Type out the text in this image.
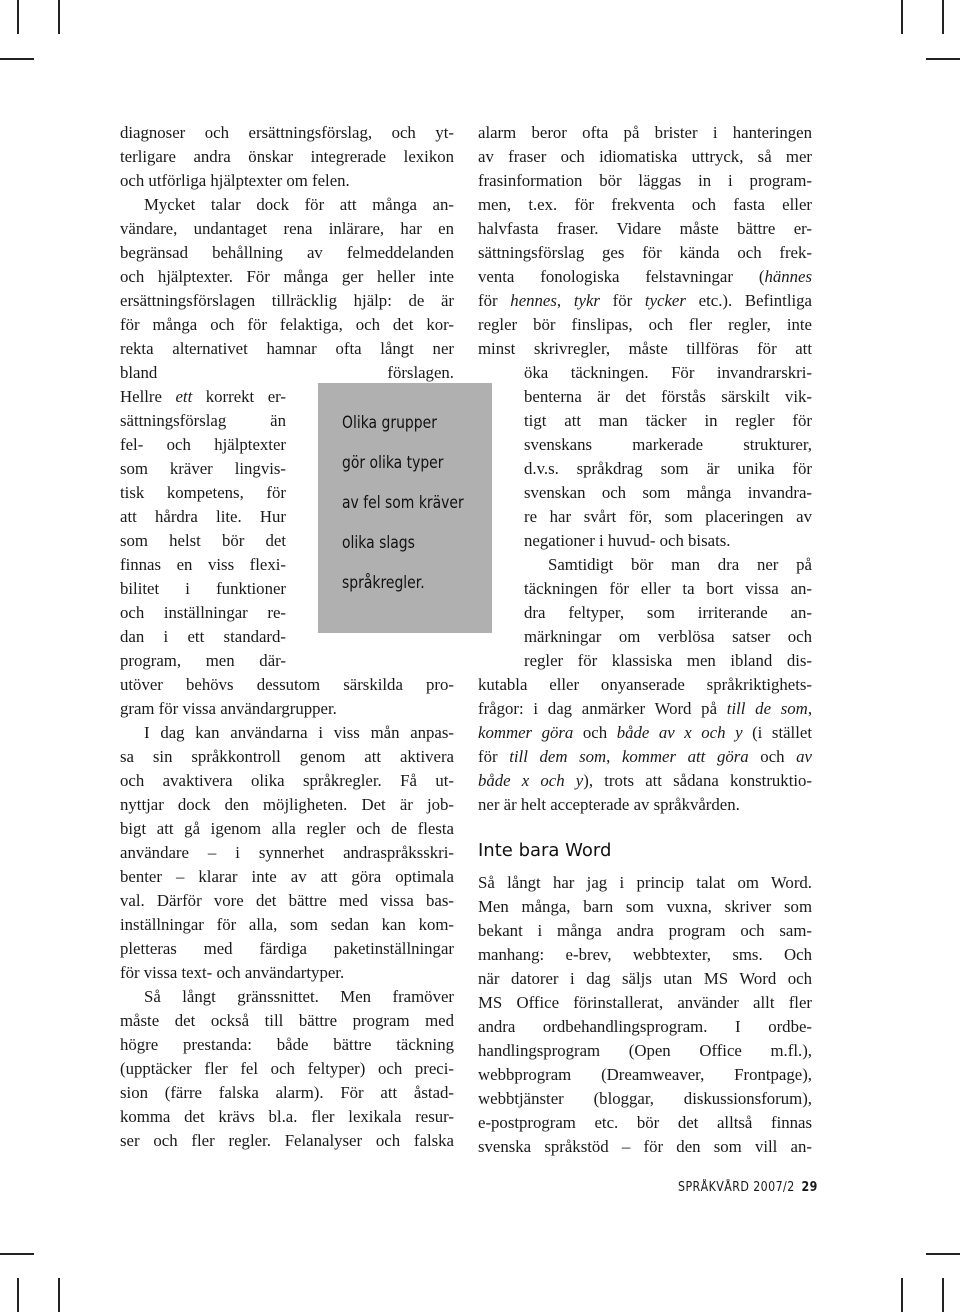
diagnoser och ersättningsförslag, och yt-
terligare andra önskar integrerade lexikon
och utförliga hjälptexter om felen.
Mycket talar dock för att många an-
vändare, undantaget rena inlärare, har en
begränsad behållning av felmeddelanden
och hjälptexter. För många ger heller inte
ersättningsförslagen tillräcklig hjälp: de är
för många och för felaktiga, och det kor-
rekta alternativet hamnar ofta långt ner
bland förslagen.
Hellre ett korrekt er-
sättningsförslag än
fel- och hjälptexter
som kräver lingvis-
tisk kompetens, för
att hårdra lite. Hur
som helst bör det
finnas en viss flexi-
bilitet i funktioner
och inställningar re-
dan i ett standard-
program, men där-
utöver behövs dessutom särskilda pro-
gram för vissa användargrupper.
I dag kan användarna i viss mån anpas-
sa sin språkkontroll genom att aktivera
och avaktivera olika språkregler. Få ut-
nyttjar dock den möjligheten. Det är job-
bigt att gå igenom alla regler och de flesta
användare – i synnerhet andraspråksskri-
benter – klarar inte av att göra optimala
val. Därför vore det bättre med vissa bas-
inställningar för alla, som sedan kan kom-
pletteras med färdiga paketinställningar
för vissa text- och användartyper.
Så långt gränssnittet. Men framöver
måste det också till bättre program med
högre prestanda: både bättre täckning
(upptäcker fler fel och feltyper) och preci-
sion (färre falska alarm). För att åstad-
komma det krävs bl.a. fler lexikala resur-
ser och fler regler. Felanalyser och falska
alarm beror ofta på brister i hanteringen
av fraser och idiomatiska uttryck, så mer
frasinformation bör läggas in i program-
men, t.ex. för frekventa och fasta eller
halvfasta fraser. Vidare måste bättre er-
sättningsförslag ges för kända och frek-
venta fonologiska felstavningar (hännes
för hennes, tykr för tycker etc.). Befintliga
regler bör finslipas, och fler regler, inte
minst skrivregler, måste tillföras för att
öka täckningen. För invandrarskri-
benterna är det förstås särskilt vik-
tigt att man täcker in regler för
svenskans markerade strukturer,
d.v.s. språkdrag som är unika för
svenskan och som många invandra-
re har svårt för, som placeringen av
negationer i huvud- och bisats.
Samtidigt bör man dra ner på
täckningen för eller ta bort vissa an-
dra feltyper, som irriterande an-
märkningar om verblösa satser och
regler för klassiska men ibland dis-
kutabla eller onyanserade språkriktighets-
frågor: i dag anmärker Word på till de som,
kommer göra och både av x och y (i stället
för till dem som, kommer att göra och av
både x och y), trots att sådana konstruktio-
ner är helt accepterade av språkvården.
Så långt har jag i princip talat om Word.
Men många, barn som vuxna, skriver som
bekant i många andra program och sam-
manhang: e-brev, webbtexter, sms. Och
när datorer i dag säljs utan MS Word och
MS Office förinstallerat, använder allt fler
andra ordbehandlingsprogram. I ordbe-
handlingsprogram (Open Office m.fl.),
webbprogram (Dreamweaver, Frontpage),
webbtjänster (bloggar, diskussionsforum),
e-postprogram etc. bör det alltså finnas
svenska språkstöd – för den som vill an-
Olika grupper
gör olika typer
av fel som kräver
olika slags
språkregler.
Inte bara Word
SPRÅKVÅRD 2007/2 29
